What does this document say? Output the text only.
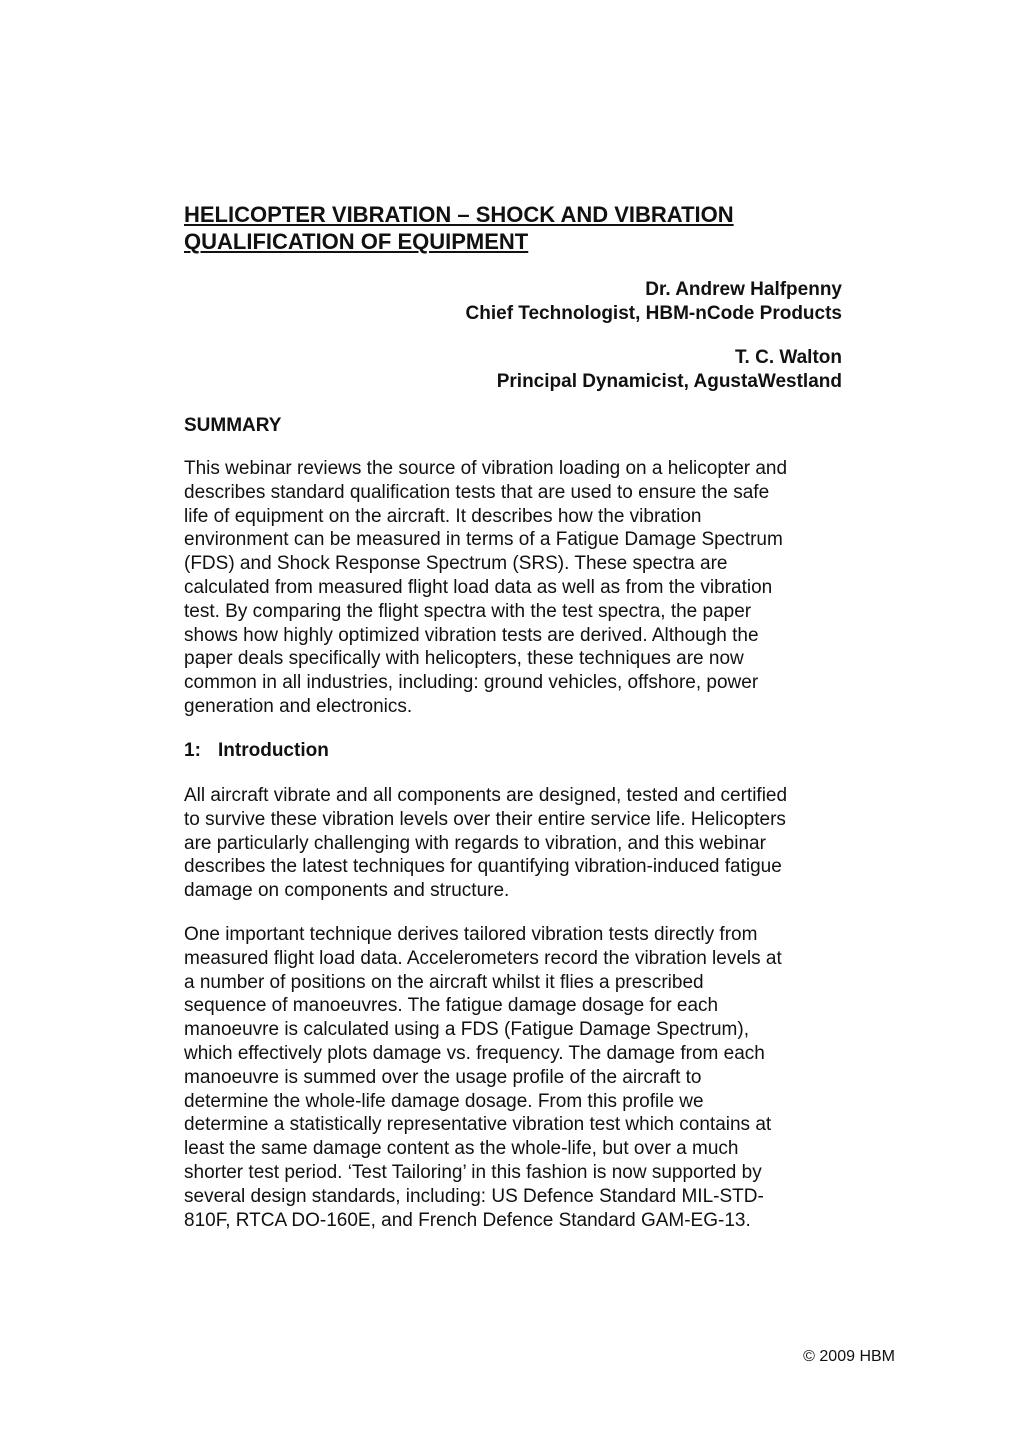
HELICOPTER VIBRATION – SHOCK AND VIBRATION
QUALIFICATION OF EQUIPMENT
Dr. Andrew Halfpenny
Chief Technologist, HBM-nCode Products
T. C. Walton
Principal Dynamicist, AgustaWestland
SUMMARY

This webinar reviews the source of vibration loading on a helicopter and
describes standard qualification tests that are used to ensure the safe
life of equipment on the aircraft. It describes how the vibration
environment can be measured in terms of a Fatigue Damage Spectrum
(FDS) and Shock Response Spectrum (SRS). These spectra are
calculated from measured flight load data as well as from the vibration
test. By comparing the flight spectra with the test spectra, the paper
shows how highly optimized vibration tests are derived. Although the
paper deals specifically with helicopters, these techniques are now
common in all industries, including: ground vehicles, offshore, power
generation and electronics.

1: Introduction

All aircraft vibrate and all components are designed, tested and certified
to survive these vibration levels over their entire service life. Helicopters
are particularly challenging with regards to vibration, and this webinar
describes the latest techniques for quantifying vibration-induced fatigue
damage on components and structure.

One important technique derives tailored vibration tests directly from
measured flight load data. Accelerometers record the vibration levels at
a number of positions on the aircraft whilst it flies a prescribed
sequence of manoeuvres. The fatigue damage dosage for each
manoeuvre is calculated using a FDS (Fatigue Damage Spectrum),
which effectively plots damage vs. frequency. The damage from each
manoeuvre is summed over the usage profile of the aircraft to
determine the whole-life damage dosage. From this profile we
determine a statistically representative vibration test which contains at
least the same damage content as the whole-life, but over a much
shorter test period. ‘Test Tailoring’ in this fashion is now supported by
several design standards, including: US Defence Standard MIL-STD-
810F, RTCA DO-160E, and French Defence Standard GAM-EG-13.

© 2009 HBM
